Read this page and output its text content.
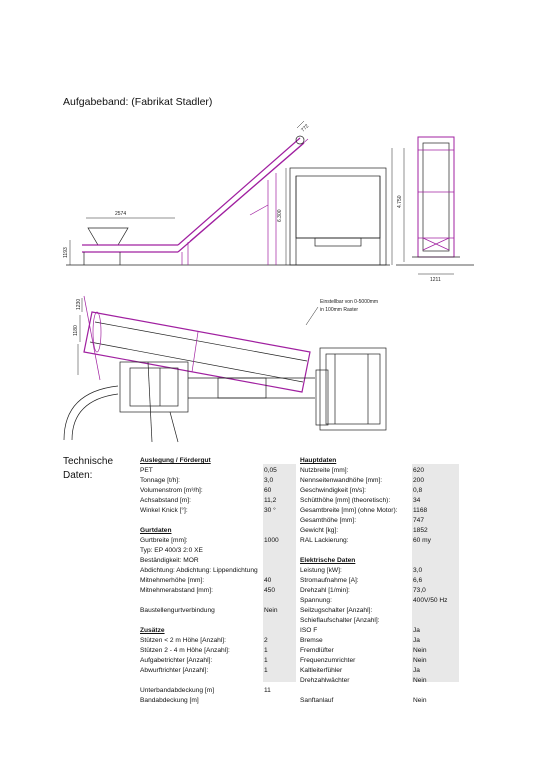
Aufgabeband: (Fabrikat Stadler)
2574	6.300
1193
772
4.750
1211
1230
1180
Einstellbar von 0-5000mm
in 100mm Raster
Technische
Daten:
Auslegung / Fördergut
PET	0,05
Tonnage [t/h]:	3,0
Volumenstrom [m³/h]:	60
Achsabstand [m]:	11,2
Winkel Knick [°]:	30 °
Gurtdaten
Gurtbreite [mm]:	1000
Typ: EP 400/3 2:0 XE
Beständigkeit: MOR
Abdichtung: Abdichtung: Lippendichtung
Mitnehmerhöhe [mm]:	40
Mitnehmerabstand [mm]:	450
Baustellengurtverbindung	Nein
Zusätze
Stützen < 2 m Höhe [Anzahl]:	2
Stützen 2 - 4 m Höhe [Anzahl]:	1
Aufgabetrichter [Anzahl]:	1
Abwurftrichter [Anzahl]:	1
Unterbandabdeckung [m]	11
Bandabdeckung [m]
Hauptdaten
Nutzbreite [mm]:	620
Nennseitenwandhöhe [mm]:	200
Geschwindigkeit [m/s]:	0,8
Schütthöhe [mm] (theoretisch):	34
Gesamtbreite [mm] (ohne Motor): 1168
Gesamthöhe [mm]:	747
Gewicht [kg]:	1852
RAL Lackierung:	60 my
Elektrische Daten
Leistung [kW]:	3,0
Stromaufnahme [A]:	6,6
Drehzahl [1/min]:	73,0
Spannung:	400V/50 Hz
Seilzugschalter [Anzahl]:
Schieflaufschalter [Anzahl]:
ISO F	Ja
Bremse	Ja
Fremdlüfter	Nein
Frequenzumrichter	Nein
Kaltleiterfühler	Ja
Drehzahlwächter	Nein
Sanftanlauf	Nein
